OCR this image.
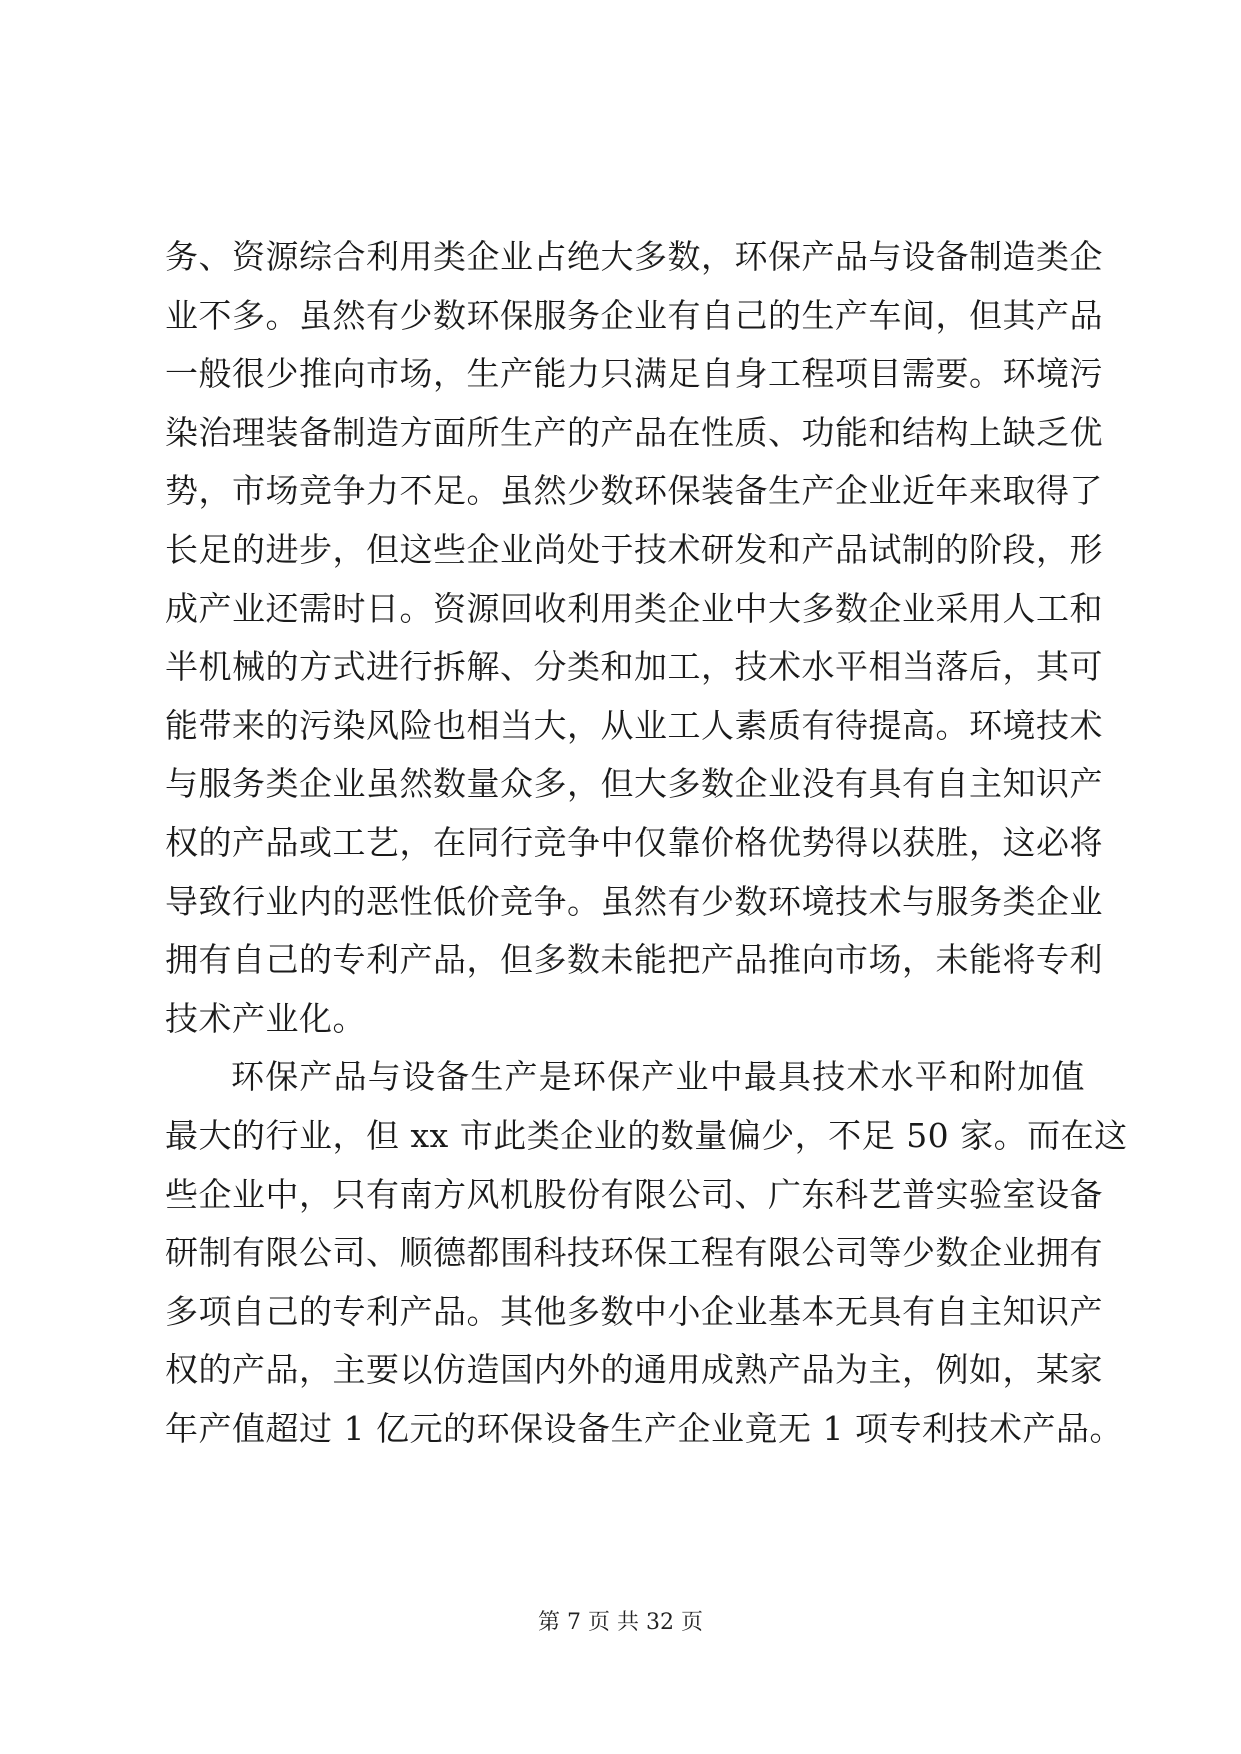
务、资源综合利用类企业占绝大多数，环保产品与设备制造类企
业不多。虽然有少数环保服务企业有自己的生产车间，但其产品
一般很少推向市场，生产能力只满足自身工程项目需要。环境污
染治理装备制造方面所生产的产品在性质、功能和结构上缺乏优
势，市场竞争力不足。虽然少数环保装备生产企业近年来取得了
长足的进步，但这些企业尚处于技术研发和产品试制的阶段，形
成产业还需时日。资源回收利用类企业中大多数企业采用人工和
半机械的方式进行拆解、分类和加工，技术水平相当落后，其可
能带来的污染风险也相当大，从业工人素质有待提高。环境技术
与服务类企业虽然数量众多，但大多数企业没有具有自主知识产
权的产品或工艺，在同行竞争中仅靠价格优势得以获胜，这必将
导致行业内的恶性低价竞争。虽然有少数环境技术与服务类企业
拥有自己的专利产品，但多数未能把产品推向市场，未能将专利
技术产业化。
环保产品与设备生产是环保产业中最具技术水平和附加值
最大的行业，但 xx 市此类企业的数量偏少，不足 50 家。而在这
些企业中，只有南方风机股份有限公司、广东科艺普实验室设备
研制有限公司、顺德都围科技环保工程有限公司等少数企业拥有
多项自己的专利产品。其他多数中小企业基本无具有自主知识产
权的产品，主要以仿造国内外的通用成熟产品为主，例如，某家
年产值超过 1 亿元的环保设备生产企业竟无 1 项专利技术产品。
第 7 页 共 32 页
